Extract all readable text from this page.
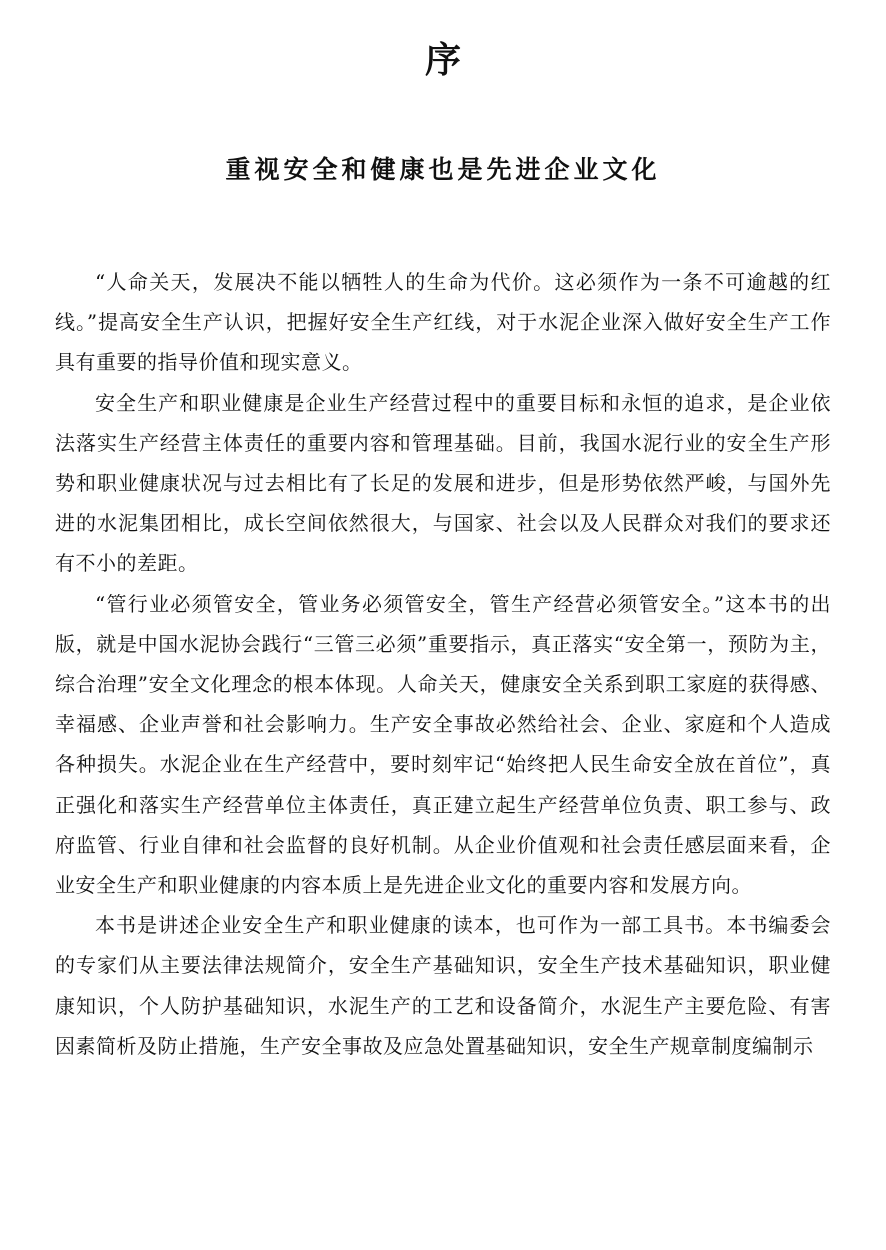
序
重视安全和健康也是先进企业文化

“人命关天，发展决不能以牺牲人的生命为代价。这必须作为一条不可逾越的红线。”提高安全生产认识，把握好安全生产红线，对于水泥企业深入做好安全生产工作具有重要的指导价值和现实意义。

安全生产和职业健康是企业生产经营过程中的重要目标和永恒的追求，是企业依法落实生产经营主体责任的重要内容和管理基础。目前，我国水泥行业的安全生产形势和职业健康状况与过去相比有了长足的发展和进步，但是形势依然严峻，与国外先进的水泥集团相比，成长空间依然很大，与国家、社会以及人民群众对我们的要求还有不小的差距。

“管行业必须管安全，管业务必须管安全，管生产经营必须管安全。”这本书的出版，就是中国水泥协会践行“三管三必须”重要指示，真正落实“安全第一，预防为主，综合治理”安全文化理念的根本体现。人命关天，健康安全关系到职工家庭的获得感、幸福感、企业声誉和社会影响力。生产安全事故必然给社会、企业、家庭和个人造成各种损失。水泥企业在生产经营中，要时刻牢记“始终把人民生命安全放在首位”，真正强化和落实生产经营单位主体责任，真正建立起生产经营单位负责、职工参与、政府监管、行业自律和社会监督的良好机制。从企业价值观和社会责任感层面来看，企业安全生产和职业健康的内容本质上是先进企业文化的重要内容和发展方向。

本书是讲述企业安全生产和职业健康的读本，也可作为一部工具书。本书编委会的专家们从主要法律法规简介，安全生产基础知识，安全生产技术基础知识，职业健康知识，个人防护基础知识，水泥生产的工艺和设备简介，水泥生产主要危险、有害因素简析及防止措施，生产安全事故及应急处置基础知识，安全生产规章制度编制示
